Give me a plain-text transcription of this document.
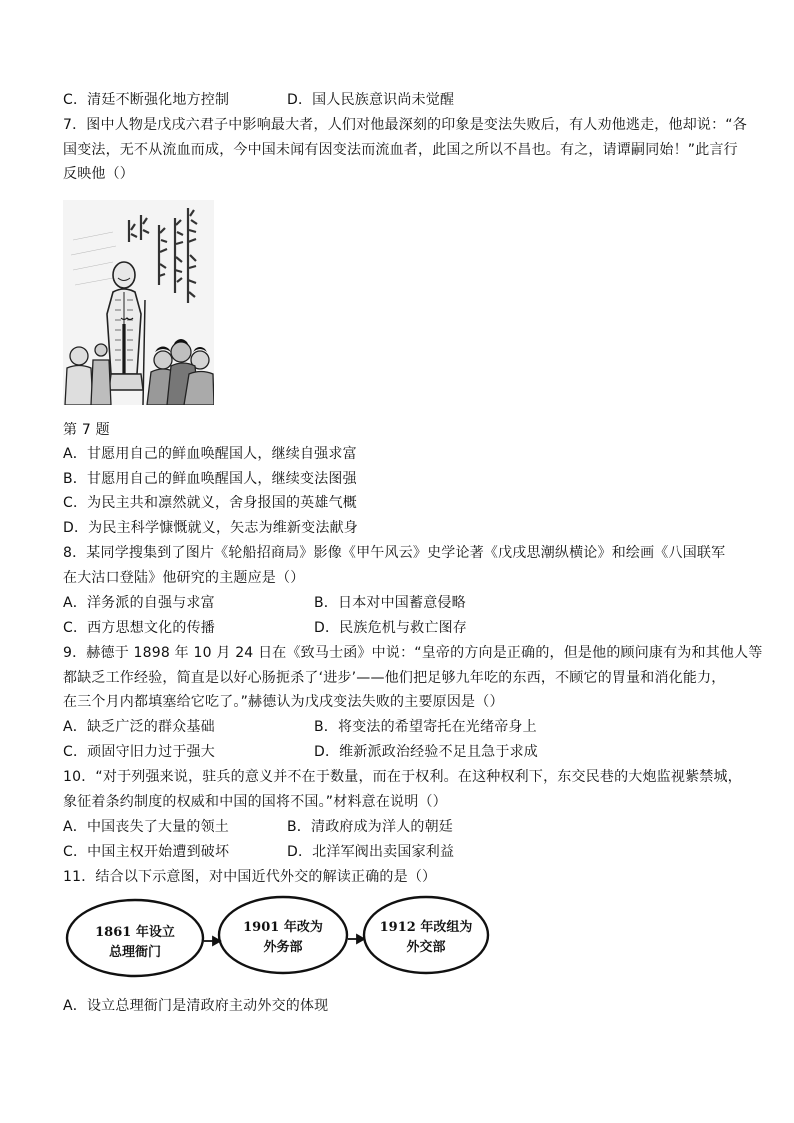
C．清廷不断强化地方控制	D．国人民族意识尚未觉醒
7．图中人物是戊戌六君子中影响最大者，人们对他最深刻的印象是变法失败后，有人劝他逃走，他却说：“各
国变法，无不从流血而成，今中国未闻有因变法而流血者，此国之所以不昌也。有之，请谭嗣同始！”此言行
反映他（）
第 7 题
A．甘愿用自己的鲜血唤醒国人，继续自强求富
B．甘愿用自己的鲜血唤醒国人，继续变法图强
C．为民主共和凛然就义，舍身报国的英雄气概
D．为民主科学慷慨就义，矢志为维新变法献身
8．某同学搜集到了图片《轮船招商局》影像《甲午风云》史学论著《戊戌思潮纵横论》和绘画《八国联军
在大沽口登陆》他研究的主题应是（）
A．洋务派的自强与求富	B．日本对中国蓄意侵略
C．西方思想文化的传播	D．民族危机与救亡图存
9．赫德于 1898 年 10 月 24 日在《致马士函》中说：“皇帝的方向是正确的，但是他的顾问康有为和其他人等
都缺乏工作经验，简直是以好心肠扼杀了‘进步’——他们把足够九年吃的东西，不顾它的胃量和消化能力，
在三个月内都填塞给它吃了。”赫德认为戊戌变法失败的主要原因是（）
A．缺乏广泛的群众基础	B．将变法的希望寄托在光绪帝身上
C．顽固守旧力过于强大	D．维新派政治经验不足且急于求成
10．“对于列强来说，驻兵的意义并不在于数量，而在于权利。在这种权利下，东交民巷的大炮监视紫禁城，
象征着条约制度的权威和中国的国将不国。”材料意在说明（）
A．中国丧失了大量的领土	B．清政府成为洋人的朝廷
C．中国主权开始遭到破坏	D．北洋军阀出卖国家利益
11．结合以下示意图，对中国近代外交的解读正确的是（）
1861 年设立
总理衙门
1901 年改为
外务部
1912 年改组为
外交部
A．设立总理衙门是清政府主动外交的体现
